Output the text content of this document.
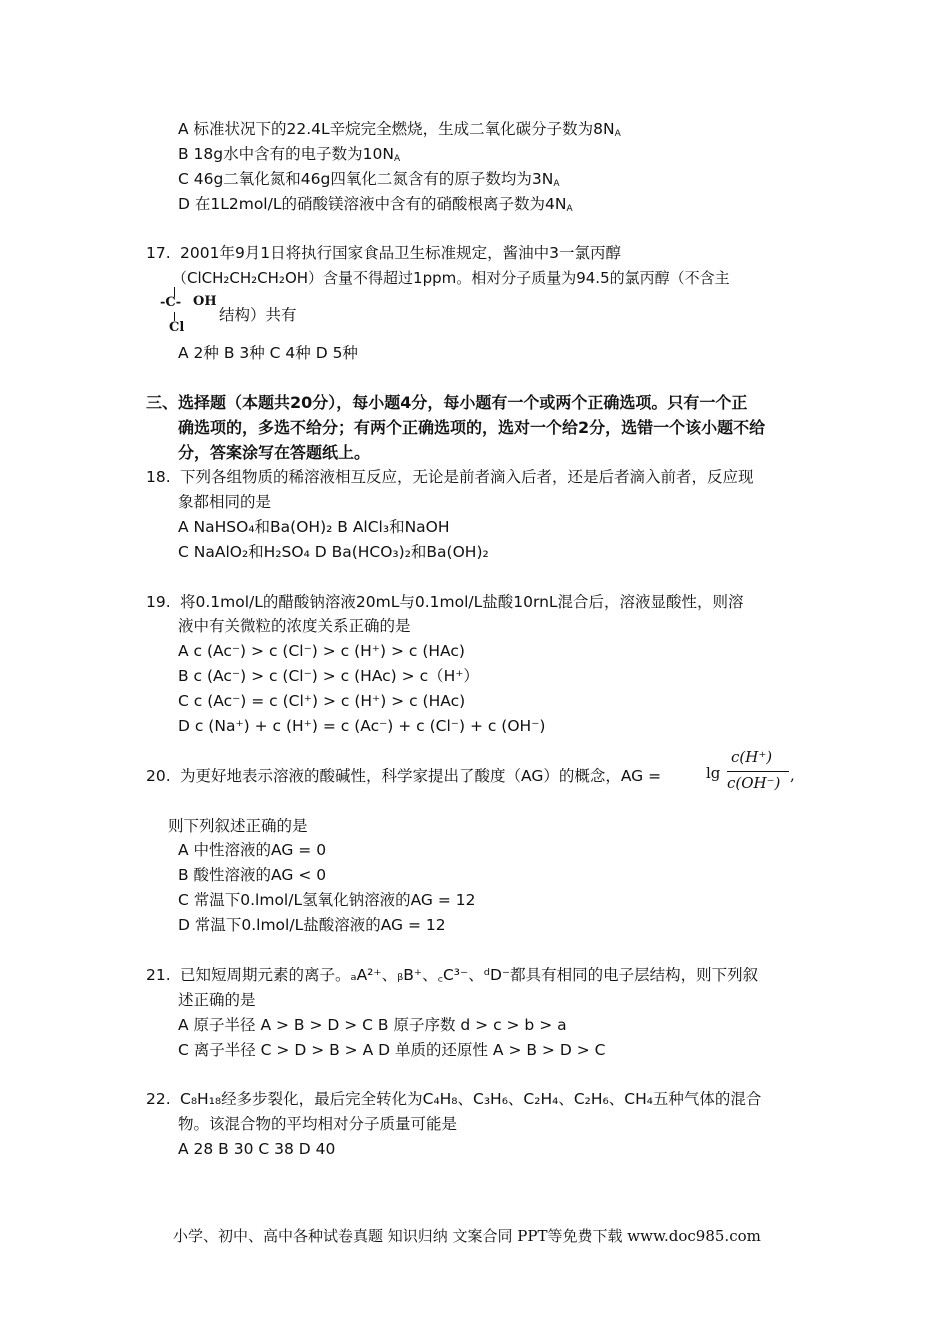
A 标准状况下的22.4L辛烷完全燃烧，生成二氧化碳分子数为$8N_A$
B 18g水中含有的电子数为$10N_A$
C 46g二氧化氮和46g四氧化二氮含有的原子数均为$3N_A$
D 在1L2mol/L的硝酸镁溶液中含有的硝酸根离子数为$4N_A$
17. 2001年9月1日将执行国家食品卫生标准规定，酱油中3一氯丙醇
（ClCH₂CH₂CH₂OH）含量不得超过1ppm。相对分子质量为94.5的氯丙醇（不含主
-C- OH
Cl
结构）共有
A 2种 B 3种 C 4种 D 5种
三、选择题（本题共20分），每小题4分，每小题有一个或两个正确选项。只有一个正
确选项的，多选不给分；有两个正确选项的，选对一个给2分，选错一个该小题不给
分，答案涂写在答题纸上。
18. 下列各组物质的稀溶液相互反应，无论是前者滴入后者，还是后者滴入前者，反应现
象都相同的是
A NaHSO₄和Ba(OH)₂ B AlCl₃和NaOH
C NaAlO₂和H₂SO₄ D Ba(HCO₃)₂和Ba(OH)₂
19. 将0.1mol/L的醋酸钠溶液20mL与0.1mol/L盐酸10rnL混合后，溶液显酸性，则溶
液中有关微粒的浓度关系正确的是
A c (Ac⁻) > c (Cl⁻) > c (H⁺) > c (HAc)
B c (Ac⁻) > c (Cl⁻) > c (HAc) > c（H⁺）
C c (Ac⁻) = c (Cl⁺) > c (H⁺) > c (HAc)
D c (Na⁺) + c (H⁺) = c (Ac⁻) + c (Cl⁻) + c (OH⁻)
20. 为更好地表示溶液的酸碱性，科学家提出了酸度（AG）的概念，AG =	lg
c(H⁺)
c(OH⁻) ,
则下列叙述正确的是
A 中性溶液的AG = 0
B 酸性溶液的AG < 0
C 常温下0.lmol/L氢氧化钠溶液的AG = 12
D 常温下0.lmol/L盐酸溶液的AG = 12
21. 已知短周期元素的离子。ₐA²⁺、ᵦB⁺、꜀C³⁻、ᵈD⁻都具有相同的电子层结构，则下列叙
述正确的是
A 原子半径 A > B > D > C B 原子序数 d > c > b > a
C 离子半径 C > D > B > A D 单质的还原性 A > B > D > C
22. C₈H₁₈经多步裂化，最后完全转化为C₄H₈、C₃H₆、C₂H₄、C₂H₆、CH₄五种气体的混合
物。该混合物的平均相对分子质量可能是
A 28 B 30 C 38 D 40
小学、初中、高中各种试卷真题 知识归纳 文案合同 PPT等免费下载 www.doc985.com
